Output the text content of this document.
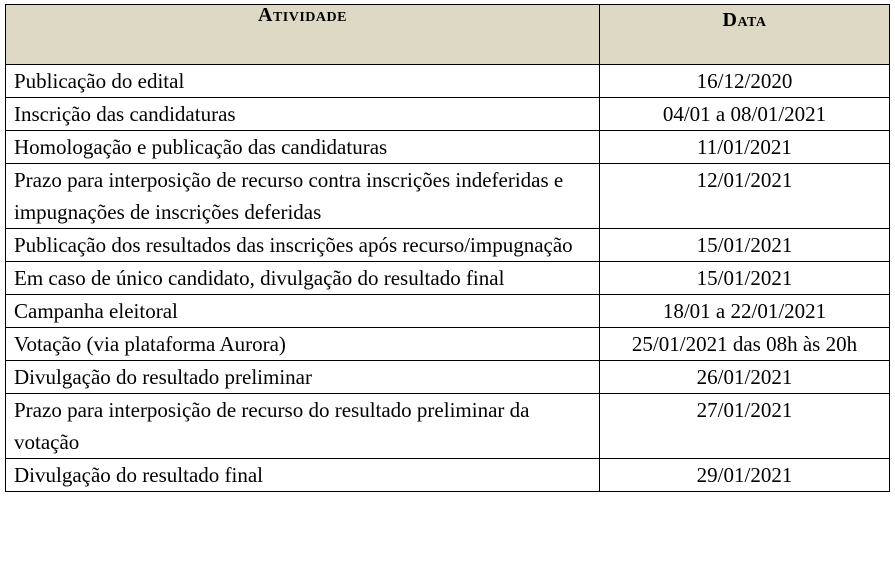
Atividade	Data

Publicação do edital	16/12/2020
Inscrição das candidaturas	04/01 a 08/01/2021
Homologação e publicação das candidaturas	11/01/2021
Prazo para interposição de recurso contra inscrições indeferidas e impugnações de inscrições deferidas	12/01/2021
Publicação dos resultados das inscrições após recurso/impugnação	15/01/2021
Em caso de único candidato, divulgação do resultado final	15/01/2021
Campanha eleitoral	18/01 a 22/01/2021
Votação (via plataforma Aurora)	25/01/2021 das 08h às 20h
Divulgação do resultado preliminar	26/01/2021
Prazo para interposição de recurso do resultado preliminar da votação	27/01/2021
Divulgação do resultado final	29/01/2021
